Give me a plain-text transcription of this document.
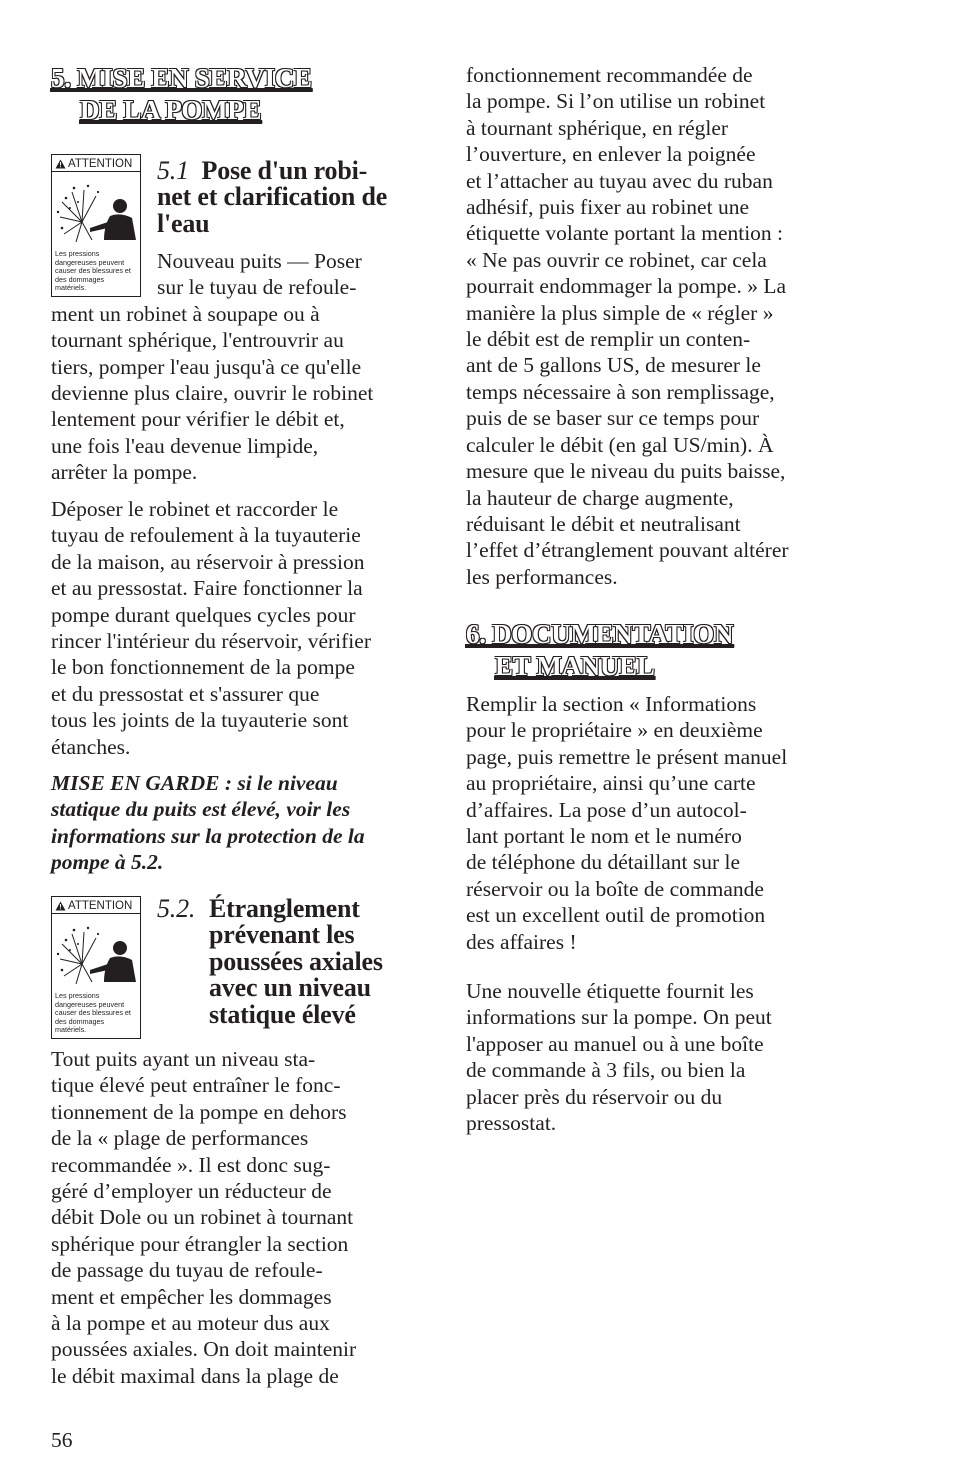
5. MISE EN SERVICE
DE LA POMPE
ATTENTION
Les pressions dangereuses peuvent causer des blessures et des dommages matériels.
5.1 Pose d'un robi-
net et clarification de
l'eau

Nouveau puits — Poser

sur le tuyau de refoule-

ment un robinet à soupape ou à

tournant sphérique, l'entrouvrir au

tiers, pomper l'eau jusqu'à ce qu'elle

devienne plus claire, ouvrir le robinet

lentement pour vérifier le débit et,

une fois l'eau devenue limpide,

arrêter la pompe.

Déposer le robinet et raccorder le

tuyau de refoulement à la tuyauterie

de la maison, au réservoir à pression

et au pressostat. Faire fonctionner la

pompe durant quelques cycles pour

rincer l'intérieur du réservoir, vérifier

le bon fonctionnement de la pompe

et du pressostat et s'assurer que

tous les joints de la tuyauterie sont

étanches.

MISE EN GARDE : si le niveau

statique du puits est élevé, voir les

informations sur la protection de la

pompe à 5.2.

ATTENTION
Les pressions dangereuses peuvent causer des blessures et des dommages matériels.
5.2. Étranglement
prévenant les
poussées axiales
avec un niveau
statique élevé

Tout puits ayant un niveau sta-

tique élevé peut entraîner le fonc-

tionnement de la pompe en dehors

de la « plage de performances

recommandée ». Il est donc sug-

géré d’employer un réducteur de

débit Dole ou un robinet à tournant

sphérique pour étrangler la section

de passage du tuyau de refoule-

ment et empêcher les dommages

à la pompe et au moteur dus aux

poussées axiales. On doit maintenir

le débit maximal dans la plage de

fonctionnement recommandée de

la pompe. Si l’on utilise un robinet

à tournant sphérique, en régler

l’ouverture, en enlever la poignée

et l’attacher au tuyau avec du ruban

adhésif, puis fixer au robinet une

étiquette volante portant la mention :

« Ne pas ouvrir ce robinet, car cela

pourrait endommager la pompe. » La

manière la plus simple de « régler »

le débit est de remplir un conten-

ant de 5 gallons US, de mesurer le

temps nécessaire à son remplissage,

puis de se baser sur ce temps pour

calculer le débit (en gal US/min). À

mesure que le niveau du puits baisse,

la hauteur de charge augmente,

réduisant le débit et neutralisant

l’effet d’étranglement pouvant altérer

les performances.

6. DOCUMENTATION
ET MANUEL

Remplir la section « Informations

pour le propriétaire » en deuxième

page, puis remettre le présent manuel

au propriétaire, ainsi qu’une carte

d’affaires. La pose d’un autocol-

lant portant le nom et le numéro

de téléphone du détaillant sur le

réservoir ou la boîte de commande

est un excellent outil de promotion

des affaires !

Une nouvelle étiquette fournit les

informations sur la pompe. On peut

l'apposer au manuel ou à une boîte

de commande à 3 fils, ou bien la

placer près du réservoir ou du

pressostat.

56
